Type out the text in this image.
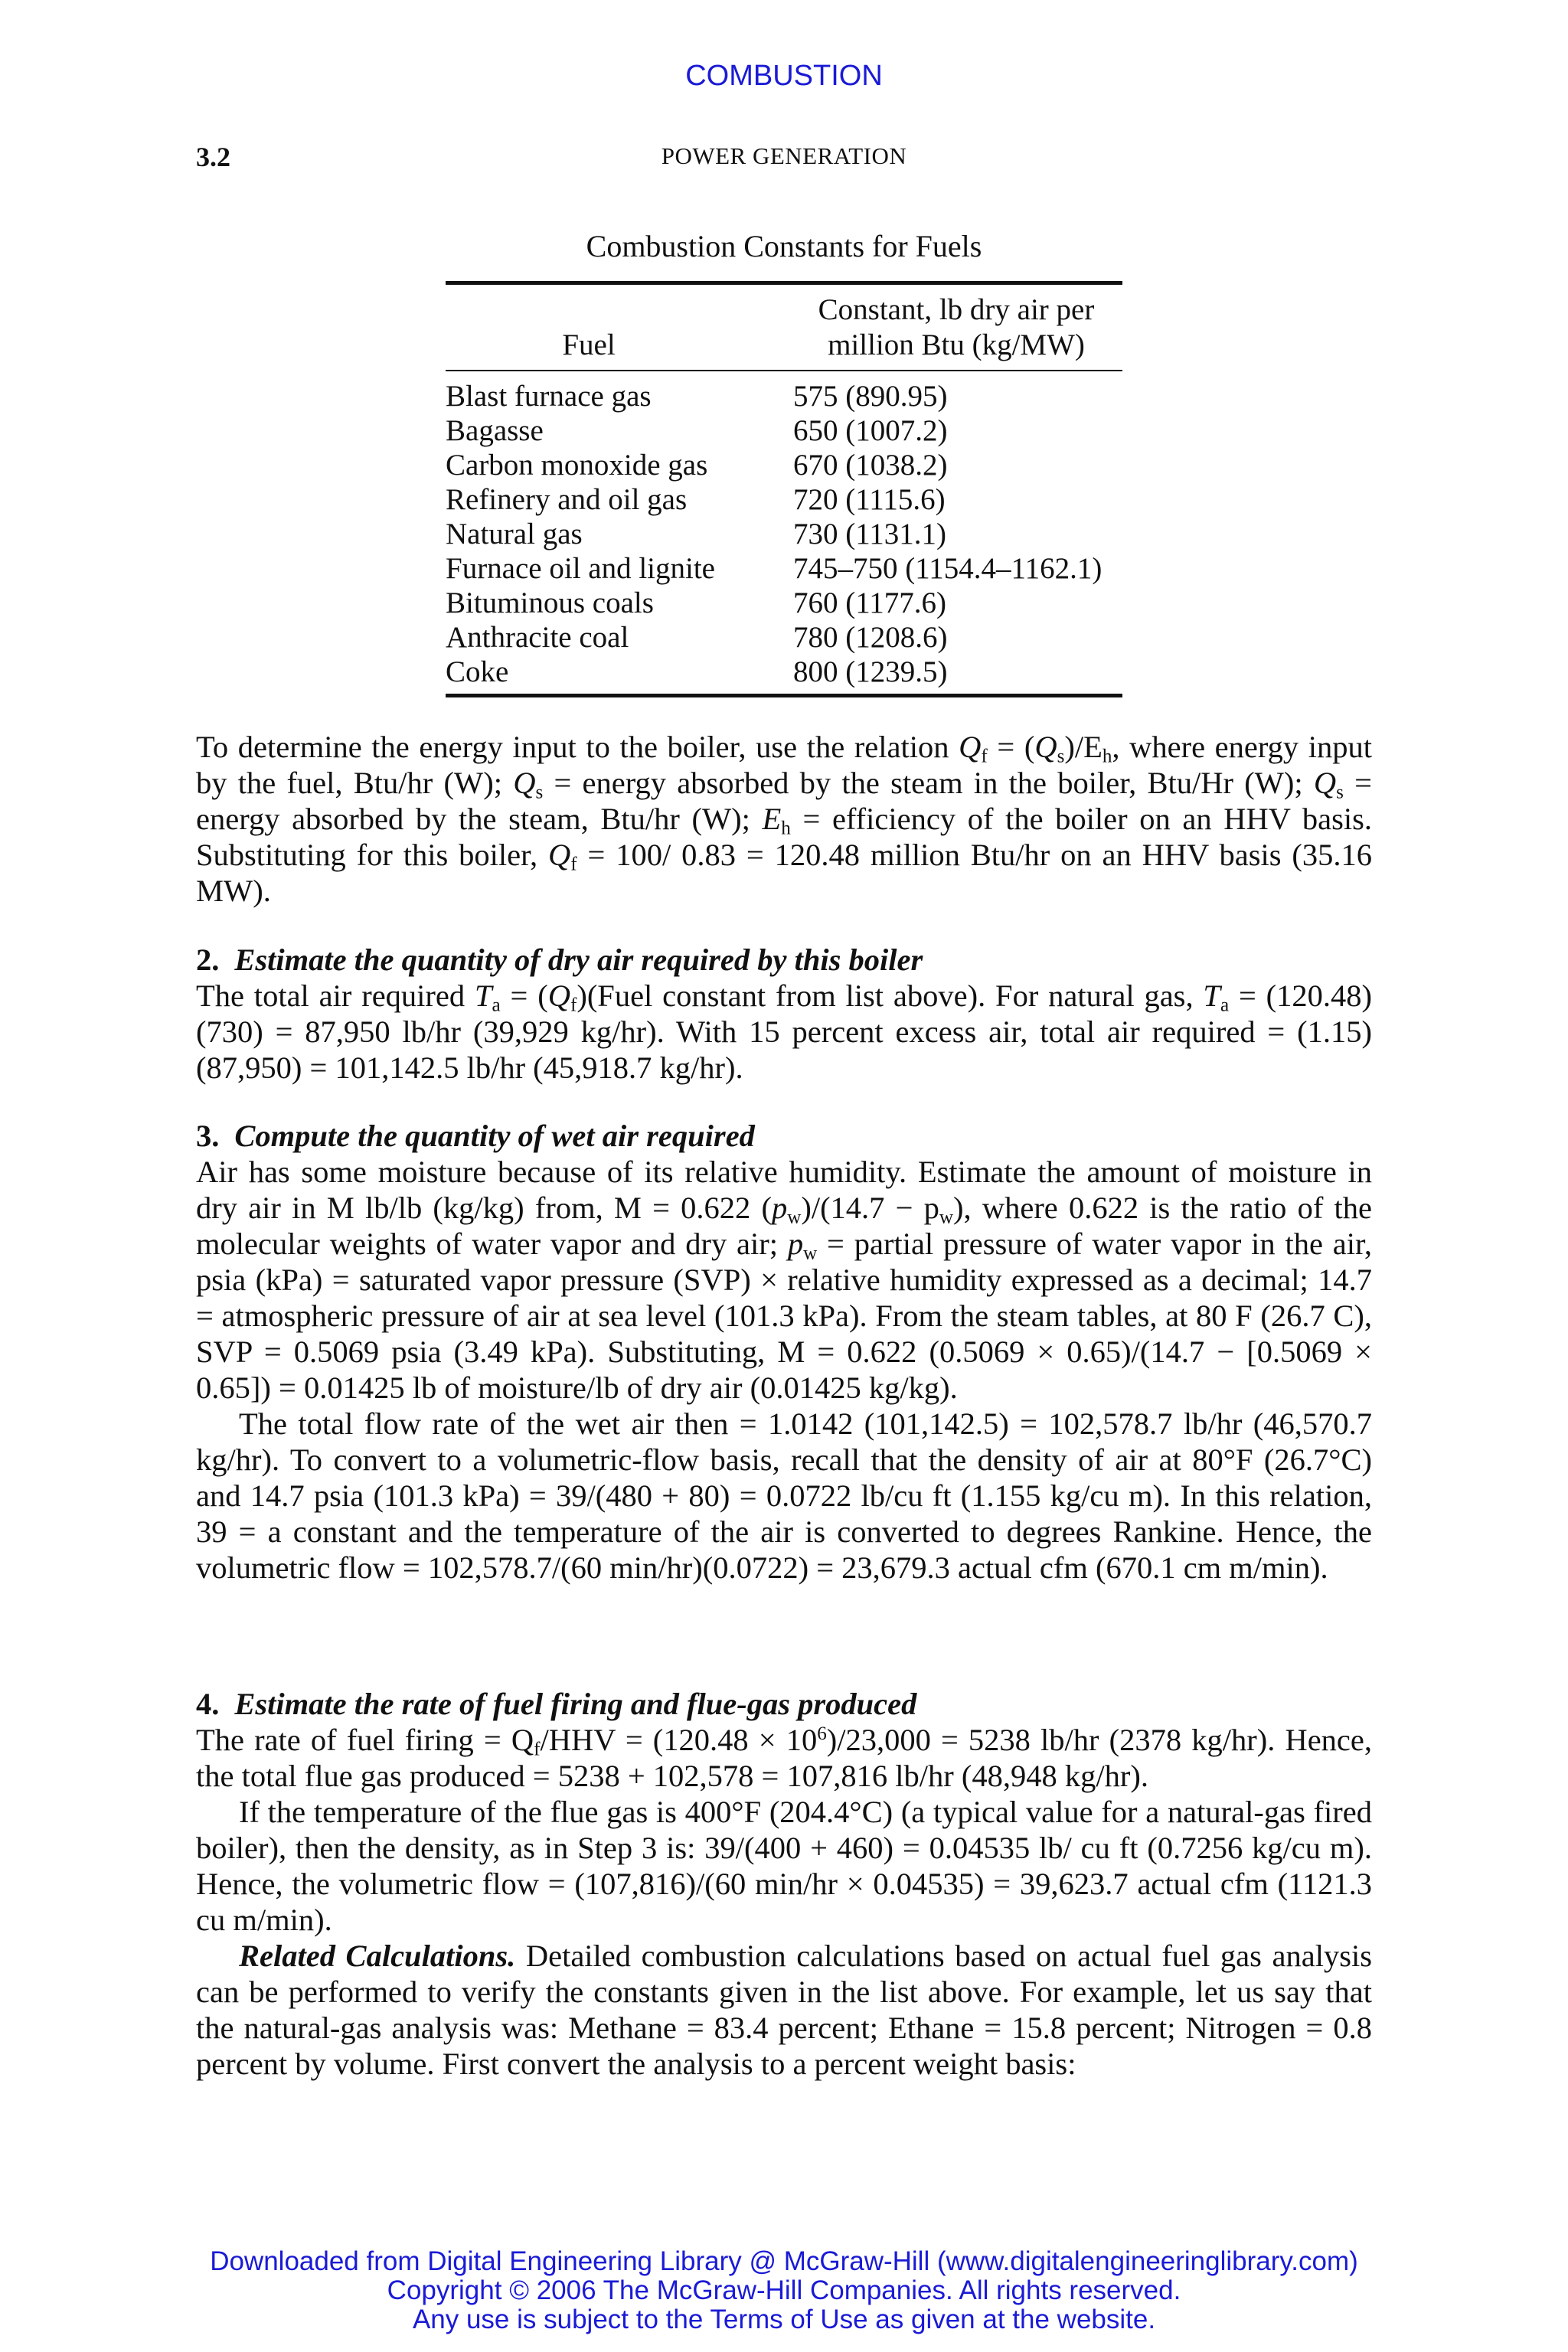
COMBUSTION
3.2	POWER GENERATION
Combustion Constants for Fuels
Fuel
Constant, lb dry air per
million Btu (kg/MW)
Blast furnace gas	575 (890.95)
Bagasse	650 (1007.2)
Carbon monoxide gas	670 (1038.2)
Refinery and oil gas	720 (1115.6)
Natural gas	730 (1131.1)
Furnace oil and lignite	745–750 (1154.4–1162.1)
Bituminous coals	760 (1177.6)
Anthracite coal	780 (1208.6)
Coke	800 (1239.5)

To determine the energy input to the boiler, use the relation $Q_f = (Q_s)/E_h$, where energy input by the fuel, Btu/hr (W); $Q_s$ = energy absorbed by the steam in the boiler, Btu/Hr (W); $Q_s$ = energy absorbed by the steam, Btu/hr (W); $E_h$ = efficiency of the boiler on an HHV basis. Substituting for this boiler, $Q_f = 100/$ 0.83 = 120.48 million Btu/hr on an HHV basis (35.16 MW).

2. Estimate the quantity of dry air required by this boiler

The total air required $T_a$ = $(Q_f)(Fuel$ constant from list above). For natural gas, $T_a = (120.48)(730) = 87,950$ lb/hr (39,929 kg/hr). With 15 percent excess air, total air required = (1.15)(87,950) = 101,142.5 lb/hr (45,918.7 kg/hr).

3. Compute the quantity of wet air required

Air has some moisture because of its relative humidity. Estimate the amount of moisture in dry air in M lb/lb (kg/kg) from, M = 0.622 $(p_w)/(14.7 - p_w)$, where 0.622 is the ratio of the molecular weights of water vapor and dry air; $p_w$ = partial pressure of water vapor in the air, psia (kPa) = saturated vapor pressure (SVP) × relative humidity expressed as a decimal; 14.7 = atmospheric pressure of air at sea level (101.3 kPa). From the steam tables, at 80 F (26.7 C), SVP = 0.5069 psia (3.49 kPa). Substituting, M = 0.622 (0.5069 × 0.65)/(14.7 − [0.5069 × 0.65]) = 0.01425 lb of moisture/lb of dry air (0.01425 kg/kg).

The total flow rate of the wet air then = 1.0142 (101,142.5) = 102,578.7 lb/hr (46,570.7 kg/hr). To convert to a volumetric-flow basis, recall that the density of air at 80°F (26.7°C) and 14.7 psia (101.3 kPa) = 39/(480 + 80) = 0.0722 lb/cu ft (1.155 kg/cu m). In this relation, 39 = a constant and the temperature of the air is converted to degrees Rankine. Hence, the volumetric flow = 102,578.7/(60 min/hr)(0.0722) = 23,679.3 actual cfm (670.1 cm m/min).

4. Estimate the rate of fuel firing and flue-gas produced

The rate of fuel firing = $Q_f$/HHV = $(120.48 \times 10^6)/23,000 = 5238$ lb/hr (2378 kg/hr). Hence, the total flue gas produced = 5238 + 102,578 = 107,816 lb/hr (48,948 kg/hr).

If the temperature of the flue gas is 400°F (204.4°C) (a typical value for a natural-gas fired boiler), then the density, as in Step 3 is: 39/(400 + 460) = 0.04535 lb/ cu ft (0.7256 kg/cu m). Hence, the volumetric flow = (107,816)/(60 min/hr × 0.04535) = 39,623.7 actual cfm (1121.3 cu m/min).

Related Calculations. Detailed combustion calculations based on actual fuel gas analysis can be performed to verify the constants given in the list above. For example, let us say that the natural-gas analysis was: Methane = 83.4 percent; Ethane = 15.8 percent; Nitrogen = 0.8 percent by volume. First convert the analysis to a percent weight basis:

Downloaded from Digital Engineering Library @ McGraw-Hill (www.digitalengineeringlibrary.com)
Copyright © 2006 The McGraw-Hill Companies. All rights reserved.
Any use is subject to the Terms of Use as given at the website.
